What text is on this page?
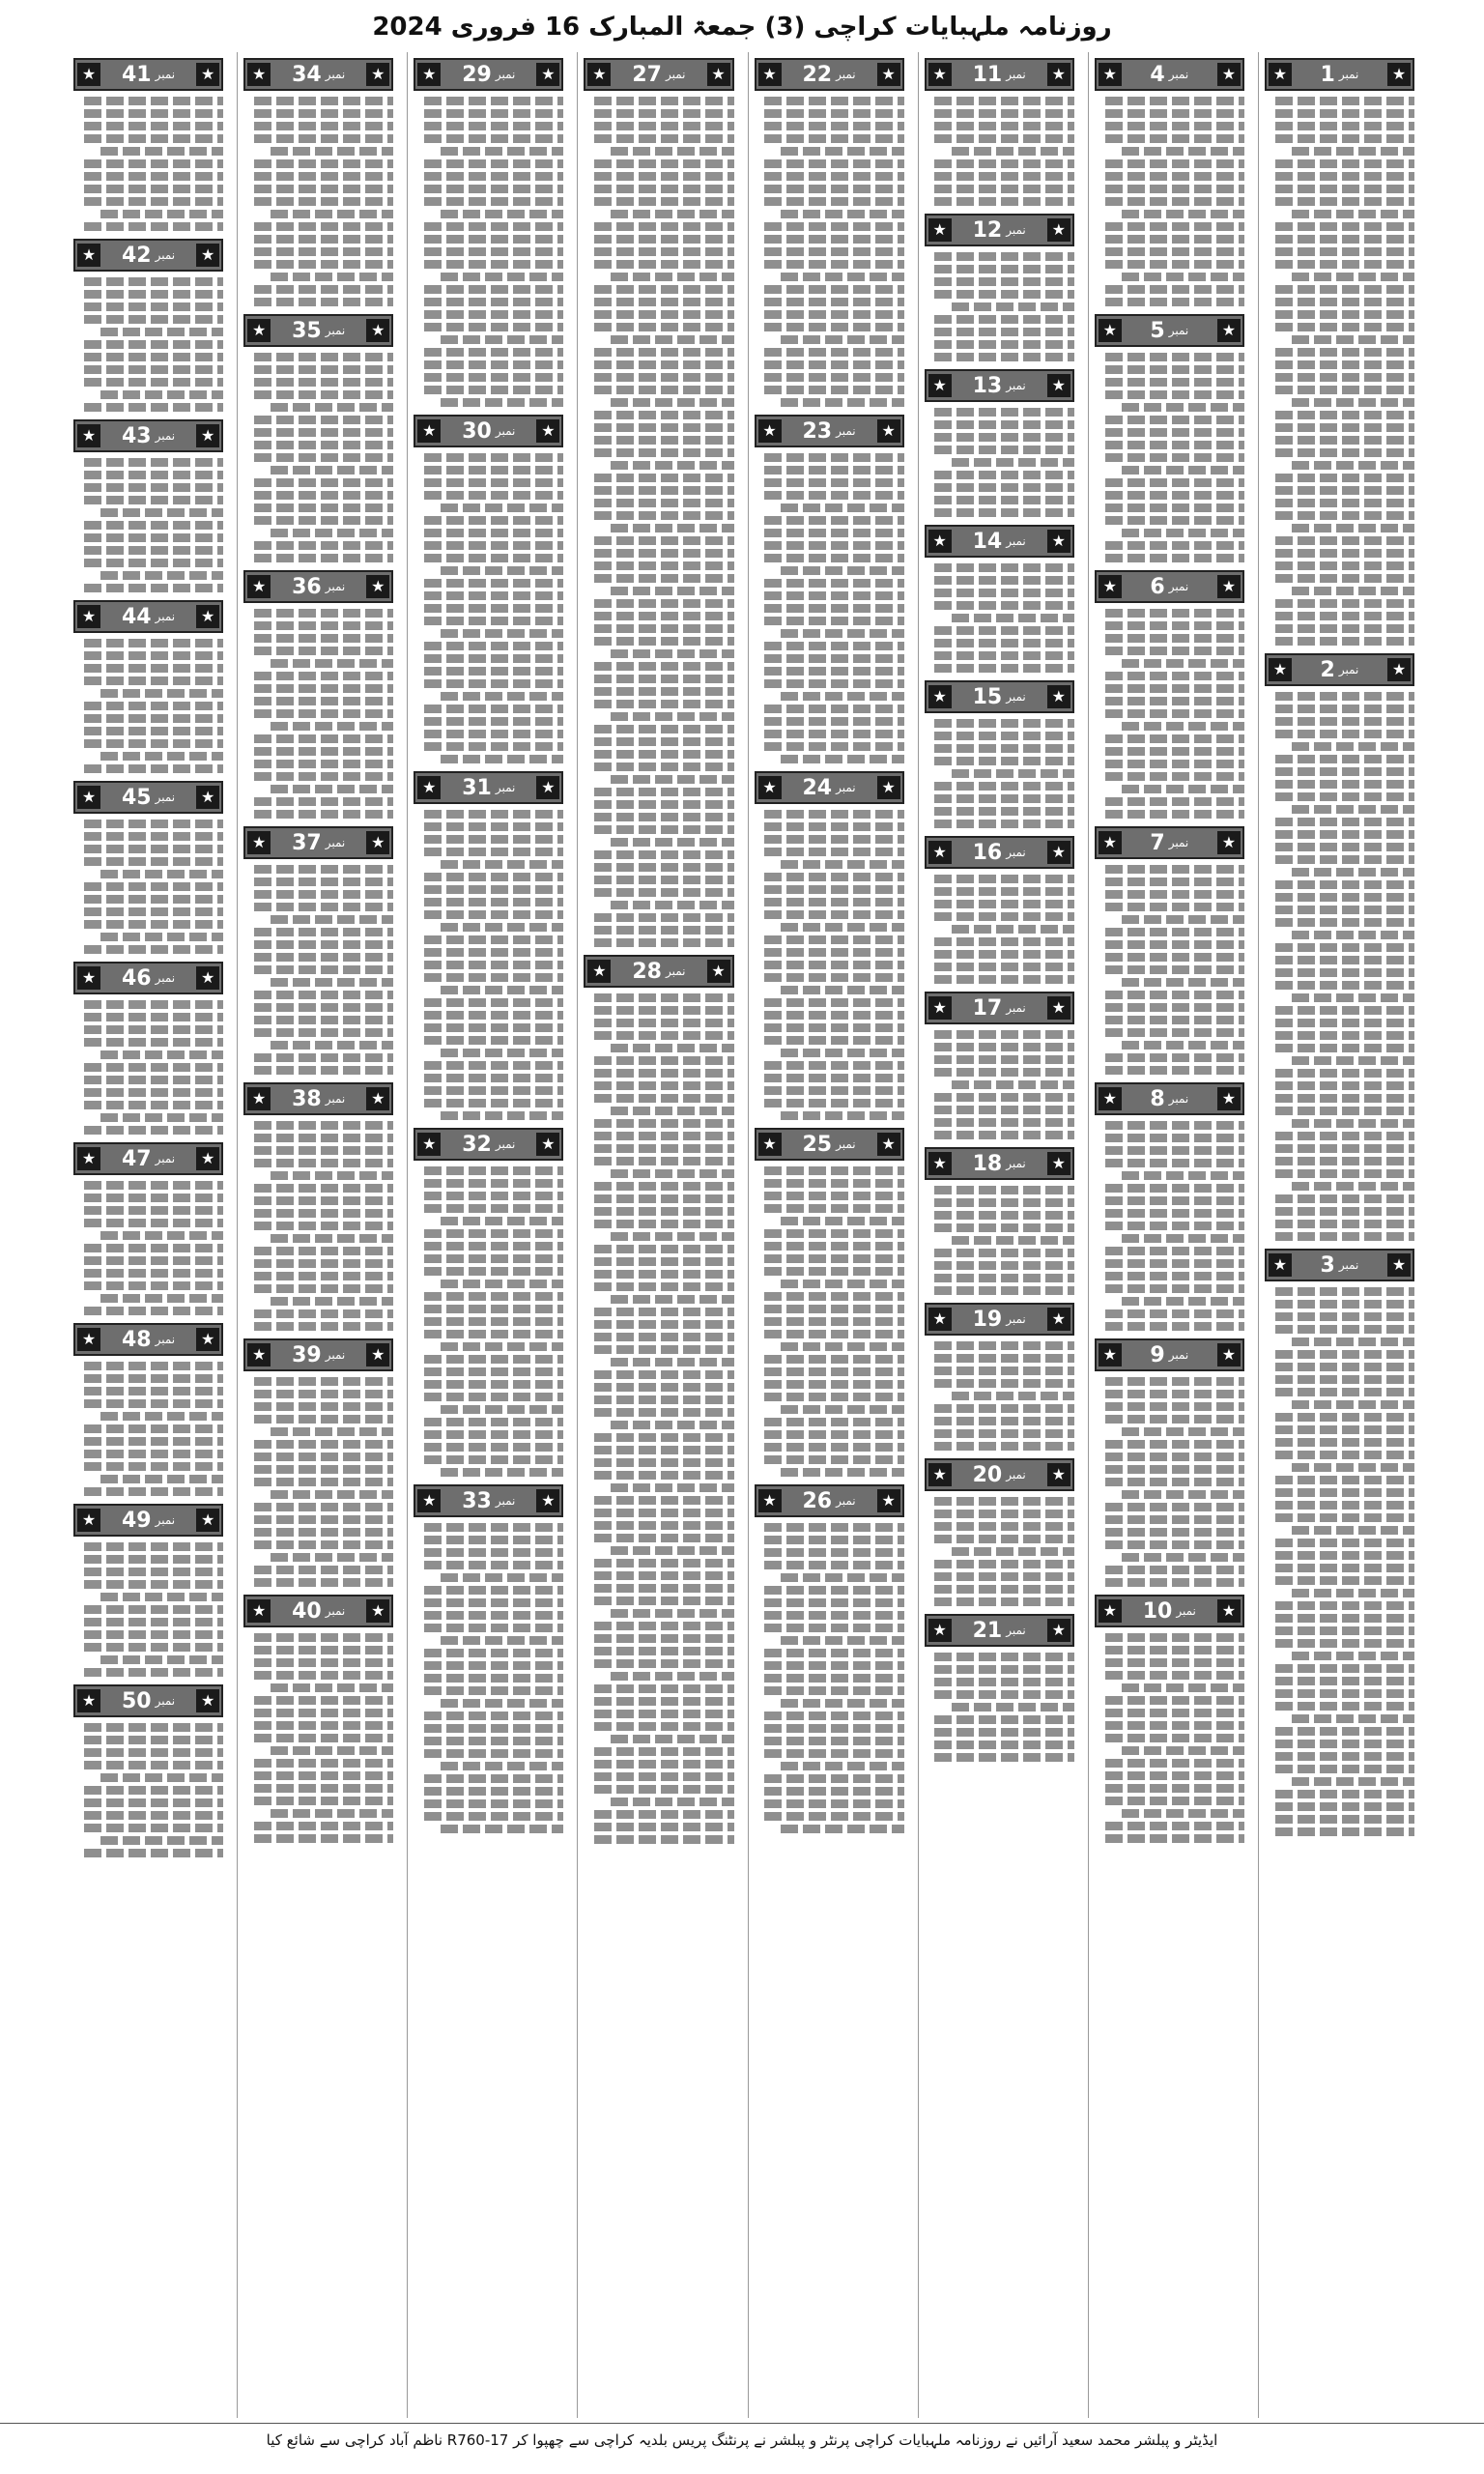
روزنامہ ملہبایات کراچی (3) جمعۃ المبارک 16 فروری 2024
★
نمبر
1
★
★
نمبر
2
★
★
نمبر
3
★
★
نمبر
4
★
★
نمبر
5
★
★
نمبر
6
★
★
نمبر
7
★
★
نمبر
8
★
★
نمبر
9
★
★
نمبر
10
★
★
نمبر
11
★
★
نمبر
12
★
★
نمبر
13
★
★
نمبر
14
★
★
نمبر
15
★
★
نمبر
16
★
★
نمبر
17
★
★
نمبر
18
★
★
نمبر
19
★
★
نمبر
20
★
★
نمبر
21
★
★
نمبر
22
★
★
نمبر
23
★
★
نمبر
24
★
★
نمبر
25
★
★
نمبر
26
★
★
نمبر
27
★
★
نمبر
28
★
★
نمبر
29
★
★
نمبر
30
★
★
نمبر
31
★
★
نمبر
32
★
★
نمبر
33
★
★
نمبر
34
★
★
نمبر
35
★
★
نمبر
36
★
★
نمبر
37
★
★
نمبر
38
★
★
نمبر
39
★
★
نمبر
40
★
★
نمبر
41
★
★
نمبر
42
★
★
نمبر
43
★
★
نمبر
44
★
★
نمبر
45
★
★
نمبر
46
★
★
نمبر
47
★
★
نمبر
48
★
★
نمبر
49
★
★
نمبر
50
★
ایڈیٹر و پبلشر محمد سعید آرائیں نے روزنامہ ملہبایات کراچی پرنٹر و پبلشر نے پرنٹنگ پریس بلدیہ کراچی سے چھپوا کر R760-17 ناظم آباد کراچی سے شائع کیا
